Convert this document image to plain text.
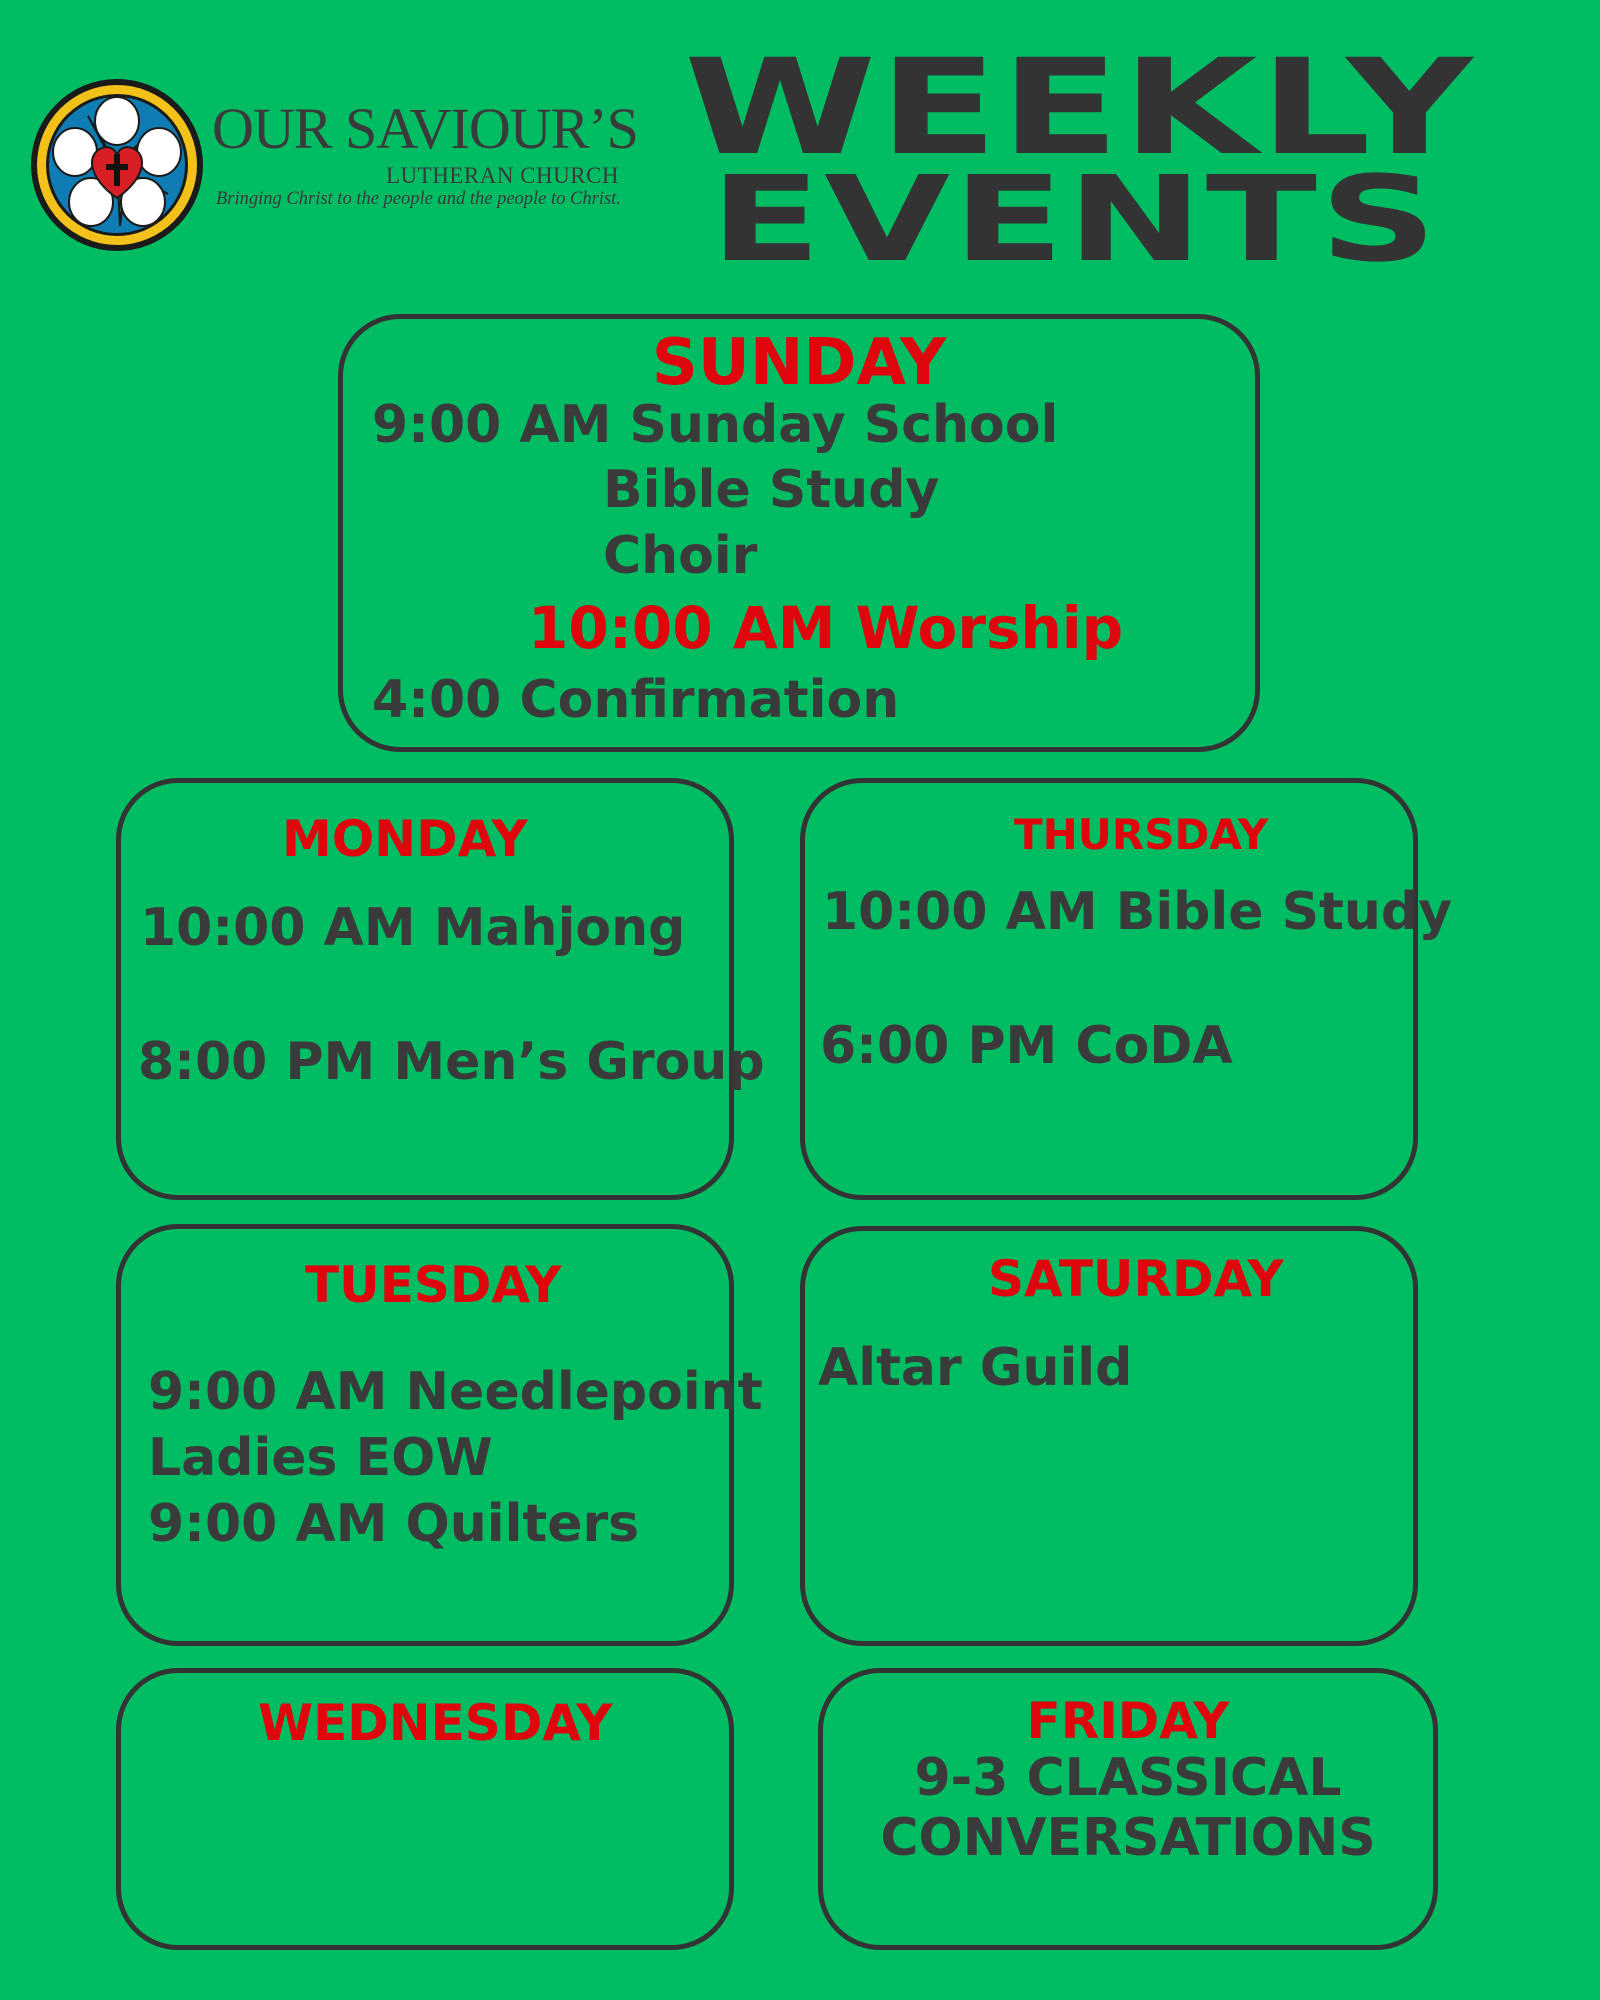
OUR SAVIOUR’S
LUTHERAN CHURCH
Bringing Christ to the people and the people to Christ.
WEEKLY
EVENTS
SUNDAY
9:00 AM Sunday School
Bible Study
Choir
10:00 AM Worship
4:00 Confirmation
MONDAY
10:00 AM Mahjong
8:00 PM Men’s Group
THURSDAY
10:00 AM Bible Study
6:00 PM CoDA
TUESDAY
9:00 AM Needlepoint
Ladies EOW
9:00 AM Quilters
SATURDAY
Altar Guild
WEDNESDAY	FRIDAY
9-3 CLASSICAL
CONVERSATIONS
